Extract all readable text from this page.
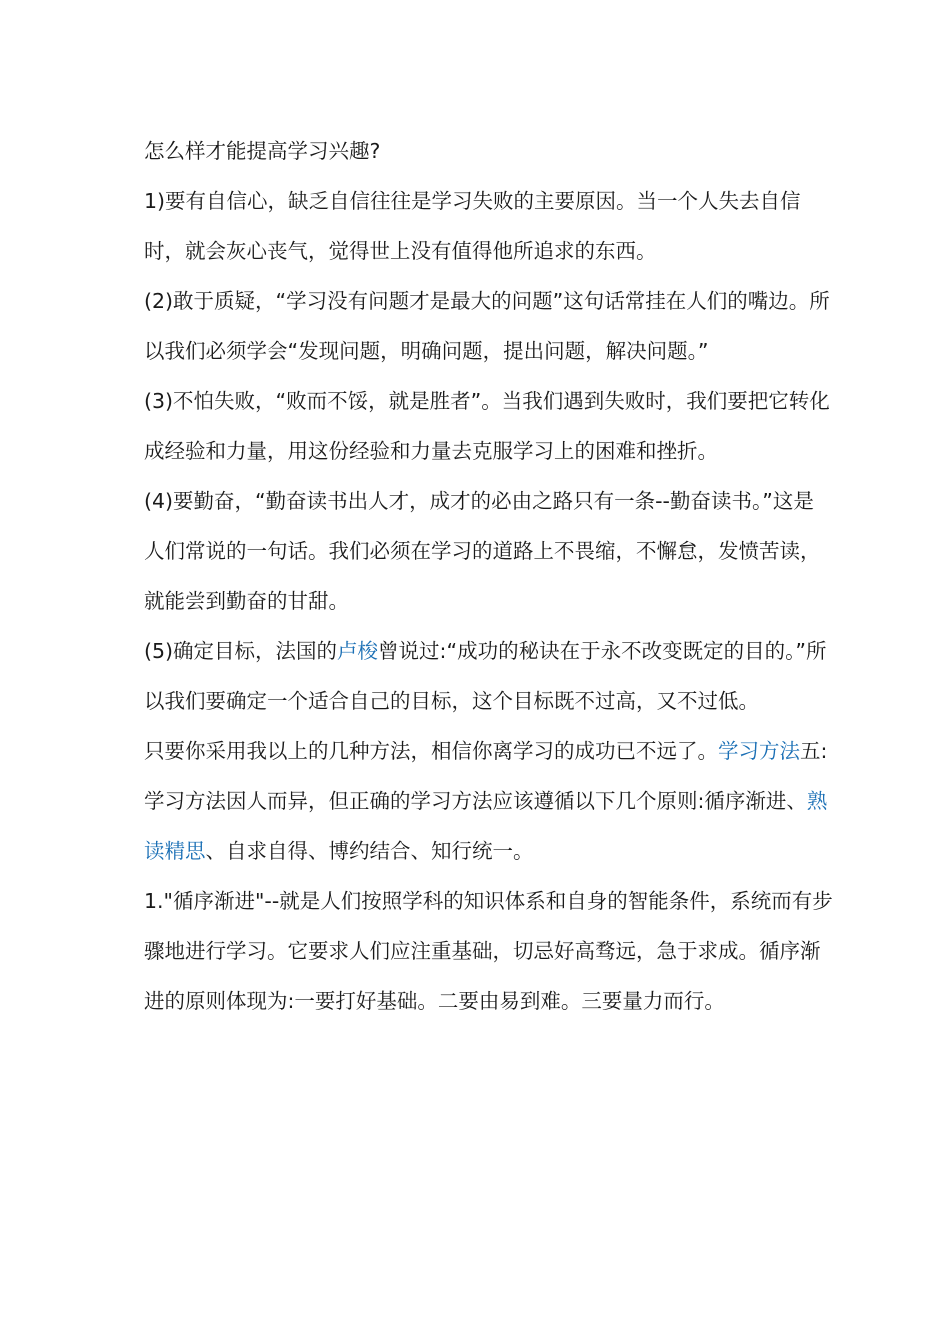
怎么样才能提高学习兴趣?

1)要有自信心，缺乏自信往往是学习失败的主要原因。当一个人失去自信时，就会灰心丧气，觉得世上没有值得他所追求的东西。

(2)敢于质疑，“学习没有问题才是最大的问题”这句话常挂在人们的嘴边。所以我们必须学会“发现问题，明确问题，提出问题，解决问题。”

(3)不怕失败，“败而不馁，就是胜者”。当我们遇到失败时，我们要把它转化成经验和力量，用这份经验和力量去克服学习上的困难和挫折。

(4)要勤奋，“勤奋读书出人才，成才的必由之路只有一条--勤奋读书。”这是人们常说的一句话。我们必须在学习的道路上不畏缩，不懈怠，发愤苦读，就能尝到勤奋的甘甜。

(5)确定目标，法国的卢梭曾说过:“成功的秘诀在于永不改变既定的目的。”所以我们要确定一个适合自己的目标，这个目标既不过高，又不过低。

只要你采用我以上的几种方法，相信你离学习的成功已不远了。学习方法五:

学习方法因人而异，但正确的学习方法应该遵循以下几个原则:循序渐进、熟读精思、自求自得、博约结合、知行统一。

1."循序渐进"--就是人们按照学科的知识体系和自身的智能条件，系统而有步骤地进行学习。它要求人们应注重基础，切忌好高骛远，急于求成。循序渐进的原则体现为:一要打好基础。二要由易到难。三要量力而行。
